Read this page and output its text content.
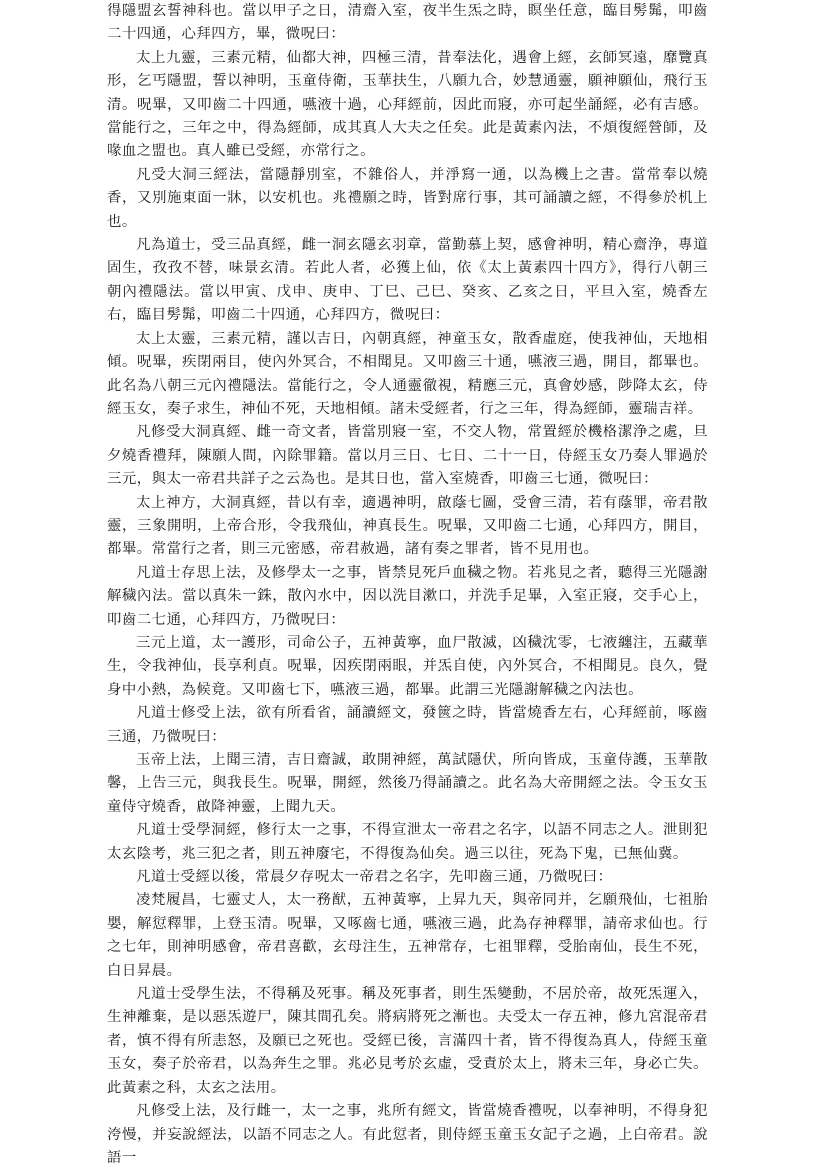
得隱盟玄誓神科也。當以甲子之日，清齋入室，夜半生炁之時，瞑坐任意，臨目髣髴，叩齒二十四通，心拜四方，畢，微呪曰：

太上九靈，三素元精，仙都大神，四極三清，昔奉法化，遇會上經，玄師冥遠，靡覽真形，乞丐隱盟，誓以神明，玉童侍衛，玉華扶生，八願九合，妙慧通靈，願神願仙，飛行玉清。呪畢，又叩齒二十四通，嚥液十過，心拜經前，因此而寢，亦可起坐誦經，必有吉感。當能行之，三年之中，得為經師，成其真人大夫之任矣。此是黃素內法，不煩復經營師，及喙血之盟也。真人雖已受經，亦常行之。

凡受大洞三經法，當隱靜別室，不雜俗人，并淨寫一通，以為機上之書。當常奉以燒香，又別施東面一牀，以安机也。兆禮願之時，皆對席行事，其可誦讀之經，不得參於机上也。

凡為道士，受三品真經，雌一洞玄隱玄羽章，當勤慕上契，感會神明，精心齋浄，專道固生，孜孜不替，味景玄清。若此人者，必獲上仙，依《太上黃素四十四方》，得行八朝三朝內禮隱法。當以甲寅、戊申、庚申、丁巳、己巳、癸亥、乙亥之日，平旦入室，燒香左右，臨目髣髴，叩齒二十四通，心拜四方，微呪曰：

太上太靈，三素元精，謹以吉日，內朝真經，神童玉女，散香虛庭，使我神仙，天地相傾。呪畢，疾閉兩目，使內外冥合，不相聞見。又叩齒三十通，嚥液三過，開目，都畢也。此名為八朝三元內禮隱法。當能行之，令人通靈徹視，精應三元，真會妙感，陟降太玄，侍經玉女，奏子求生，神仙不死，天地相傾。諸未受經者，行之三年，得為經師，靈瑞吉祥。

凡修受大洞真經、雌一奇文者，皆當別寢一室，不交人物，常置經於機格潔浄之處，旦夕燒香禮拜，陳願人間，內除罪籍。當以月三日、七日、二十一日，侍經玉女乃奏人罪過於三元，與太一帝君共詳子之云為也。是其日也，當入室燒香，叩齒三七通，微呪曰：

太上神方，大洞真經，昔以有幸，適遇神明，啟蔭七圖，受會三清，若有蔭罪，帝君散靈，三象開明，上帝合形，令我飛仙，神真長生。呪畢，又叩齒二七通，心拜四方，開目，都畢。常當行之者，則三元密感，帝君赦過，諸有奏之罪者，皆不見用也。

凡道士存思上法，及修學太一之事，皆禁見死戶血穢之物。若兆見之者，聽得三光隱謝解穢內法。當以真朱一銖，散內水中，因以洗目漱口，并洗手足畢，入室正寢，交手心上，叩齒二七通，心拜四方，乃微呪曰：

三元上道，太一護形，司命公子，五神黃寧，血尸散滅，凶穢沈零，七液纏注，五藏華生，令我神仙，長享利貞。呪畢，因疾閉兩眼，并炁自使，內外冥合，不相聞見。良久，覺身中小熱，為候竟。又叩齒七下，嚥液三過，都畢。此謂三光隱謝解穢之內法也。

凡道士修受上法，欲有所看省，誦讀經文，發篋之時，皆當燒香左右，心拜經前，啄齒三通，乃微呪曰：

玉帝上法，上聞三清，吉日齋誠，敢開神經，萬試隱伏，所向皆成，玉童侍護，玉華散馨，上告三元，與我長生。呪畢，開經，然後乃得誦讀之。此名為大帝開經之法。令玉女玉童侍守燒香，啟降神靈，上聞九天。

凡道士受學洞經，修行太一之事，不得宣泄太一帝君之名字，以語不同志之人。泄則犯太玄陰考，兆三犯之者，則五神廢宅，不得復為仙矣。過三以往，死為下鬼，已無仙冀。

凡道士受經以後，常晨夕存呪太一帝君之名字，先叩齒三通，乃微呪曰：

凌梵履昌，七靈丈人，太一務猷，五神黃寧，上昇九天，與帝同并，乞願飛仙，七祖胎嬰，解愆釋罪，上登玉清。呪畢，又啄齒七通，嚥液三過，此為存神釋罪，請帝求仙也。行之七年，則神明感會，帝君喜歡，玄母注生，五神常存，七祖罪釋，受胎南仙，長生不死，白日昇晨。

凡道士受學生法，不得稱及死事。稱及死事者，則生炁變動，不居於帝，故死炁運入，生神離棄，是以惡炁遊尸，陳其間孔矣。將病將死之漸也。夫受太一存五神，修九宮混帝君者，慎不得有所恚怒，及願已之死也。受經已後，言滿四十者，皆不得復為真人，侍經玉童玉女，奏子於帝君，以為奔生之罪。兆必見考於玄虛，受責於太上，將未三年，身必亡失。此黃素之科，太玄之法用。

凡修受上法，及行雌一，太一之事，兆所有經文，皆當燒香禮呪，以奉神明，不得身犯洿慢，并妄說經法，以語不同志之人。有此愆者，則侍經玉童玉女記子之過，上白帝君。說語一
